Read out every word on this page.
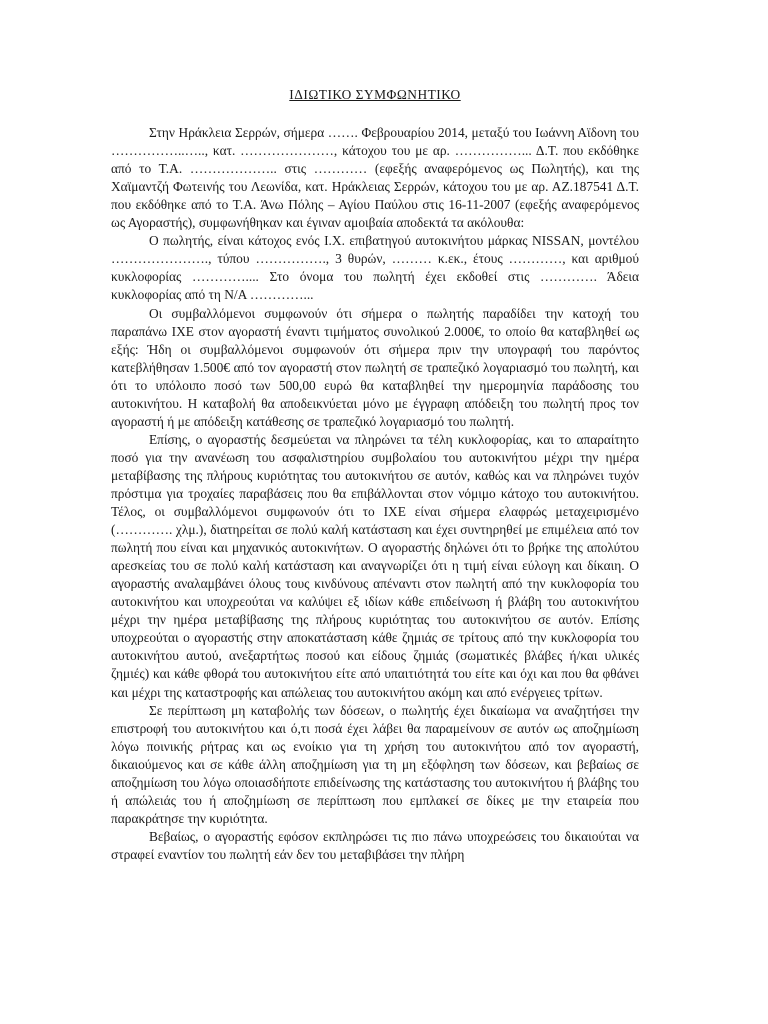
ΙΔΙΩΤΙΚΟ ΣΥΜΦΩΝΗΤΙΚΟ

Στην Ηράκλεια Σερρών, σήμερα ……. Φεβρουαρίου 2014, μεταξύ του Ιωάννη Αϊδονη του ……………..….., κατ. …………………, κάτοχου του με αρ. ……………... Δ.Τ. που εκδόθηκε από το Τ.Α. ……………….. στις ………… (εφεξής αναφερόμενος ως Πωλητής), και της Χαϊμαντζή Φωτεινής του Λεωνίδα, κατ. Ηράκλειας Σερρών, κάτοχου του με αρ. ΑΖ.187541 Δ.Τ. που εκδόθηκε από το Τ.Α. Άνω Πόλης – Αγίου Παύλου στις 16-11-2007 (εφεξής αναφερόμενος ως Αγοραστής), συμφωνήθηκαν και έγιναν αμοιβαία αποδεκτά τα ακόλουθα:

Ο πωλητής, είναι κάτοχος ενός Ι.Χ. επιβατηγού αυτοκινήτου μάρκας NISSAN, μοντέλου …………………., τύπου ……………., 3 θυρών, ……… κ.εκ., έτους …………, και αριθμού κυκλοφορίας ………….... Στο όνομα του πωλητή έχει εκδοθεί στις …………. Άδεια κυκλοφορίας από τη Ν/Α …………...

Οι συμβαλλόμενοι συμφωνούν ότι σήμερα ο πωλητής παραδίδει την κατοχή του παραπάνω ΙΧΕ στον αγοραστή έναντι τιμήματος συνολικού 2.000€, το οποίο θα καταβληθεί ως εξής: Ήδη οι συμβαλλόμενοι συμφωνούν ότι σήμερα πριν την υπογραφή του παρόντος κατεβλήθησαν 1.500€ από τον αγοραστή στον πωλητή σε τραπεζικό λογαριασμό του πωλητή, και ότι το υπόλοιπο ποσό των 500,00 ευρώ θα καταβληθεί την ημερομηνία παράδοσης του αυτοκινήτου. Η καταβολή θα αποδεικνύεται μόνο με έγγραφη απόδειξη του πωλητή προς τον αγοραστή ή με απόδειξη κατάθεσης σε τραπεζικό λογαριασμό του πωλητή.

Επίσης, ο αγοραστής δεσμεύεται να πληρώνει τα τέλη κυκλοφορίας, και το απαραίτητο ποσό για την ανανέωση του ασφαλιστηρίου συμβολαίου του αυτοκινήτου μέχρι την ημέρα μεταβίβασης της πλήρους κυριότητας του αυτοκινήτου σε αυτόν, καθώς και να πληρώνει τυχόν πρόστιμα για τροχαίες παραβάσεις που θα επιβάλλονται στον νόμιμο κάτοχο του αυτοκινήτου. Τέλος, οι συμβαλλόμενοι συμφωνούν ότι το ΙΧΕ είναι σήμερα ελαφρώς μεταχειρισμένο (…………. χλμ.), διατηρείται σε πολύ καλή κατάσταση και έχει συντηρηθεί με επιμέλεια από τον πωλητή που είναι και μηχανικός αυτοκινήτων. Ο αγοραστής δηλώνει ότι το βρήκε της απολύτου αρεσκείας του σε πολύ καλή κατάσταση και αναγνωρίζει ότι η τιμή είναι εύλογη και δίκαιη. Ο αγοραστής αναλαμβάνει όλους τους κινδύνους απέναντι στον πωλητή από την κυκλοφορία του αυτοκινήτου και υποχρεούται να καλύψει εξ ιδίων κάθε επιδείνωση ή βλάβη του αυτοκινήτου μέχρι την ημέρα μεταβίβασης της πλήρους κυριότητας του αυτοκινήτου σε αυτόν. Επίσης υποχρεούται ο αγοραστής στην αποκατάσταση κάθε ζημιάς σε τρίτους από την κυκλοφορία του αυτοκινήτου αυτού, ανεξαρτήτως ποσού και είδους ζημιάς (σωματικές βλάβες ή/και υλικές ζημιές) και κάθε φθορά του αυτοκινήτου είτε από υπαιτιότητά του είτε και όχι και που θα φθάνει και μέχρι της καταστροφής και απώλειας του αυτοκινήτου ακόμη και από ενέργειες τρίτων.

Σε περίπτωση μη καταβολής των δόσεων, ο πωλητής έχει δικαίωμα να αναζητήσει την επιστροφή του αυτοκινήτου και ό,τι ποσά έχει λάβει θα παραμείνουν σε αυτόν ως αποζημίωση λόγω ποινικής ρήτρας και ως ενοίκιο για τη χρήση του αυτοκινήτου από τον αγοραστή, δικαιούμενος και σε κάθε άλλη αποζημίωση για τη μη εξόφληση των δόσεων, και βεβαίως σε αποζημίωση του λόγω οποιασδήποτε επιδείνωσης της κατάστασης του αυτοκινήτου ή βλάβης του ή απώλειάς του ή αποζημίωση σε περίπτωση που εμπλακεί σε δίκες με την εταιρεία που παρακράτησε την κυριότητα.

Βεβαίως, ο αγοραστής εφόσον εκπληρώσει τις πιο πάνω υποχρεώσεις του δικαιούται να στραφεί εναντίον του πωλητή εάν δεν του μεταβιβάσει την πλήρη
